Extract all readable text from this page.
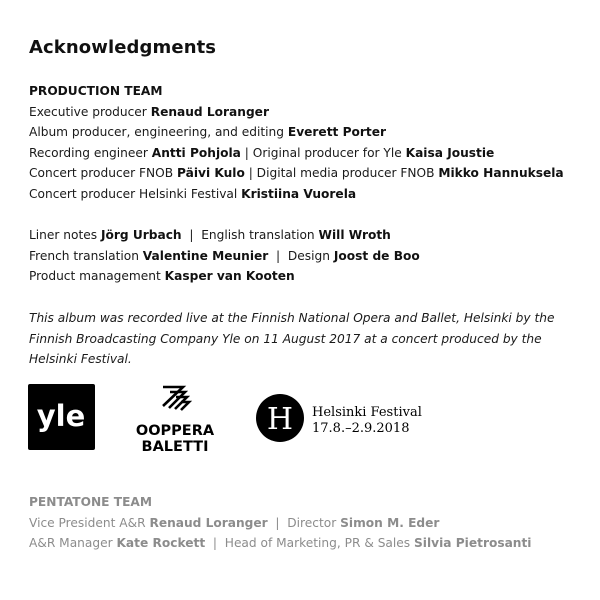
Acknowledgments
PRODUCTION TEAM
Executive producer Renaud Loranger
Album producer, engineering, and editing Everett Porter
Recording engineer Antti Pohjola | Original producer for Yle Kaisa Joustie
Concert producer FNOB Päivi Kulo | Digital media producer FNOB Mikko Hannuksela
Concert producer Helsinki Festival Kristiina Vuorela
Liner notes Jörg Urbach  |  English translation Will Wroth
French translation Valentine Meunier  |  Design Joost de Boo
Product management Kasper van Kooten
This album was recorded live at the Finnish National Opera and Ballet, Helsinki by the
Finnish Broadcasting Company Yle on 11 August 2017 at a concert produced by the
Helsinki Festival.
yle	OOPPERA
BALETTI
H Helsinki Festival
17.8.–2.9.2018
PENTATONE TEAM
Vice President A&R Renaud Loranger  |  Director Simon M. Eder
A&R Manager Kate Rockett  |  Head of Marketing, PR & Sales Silvia Pietrosanti
